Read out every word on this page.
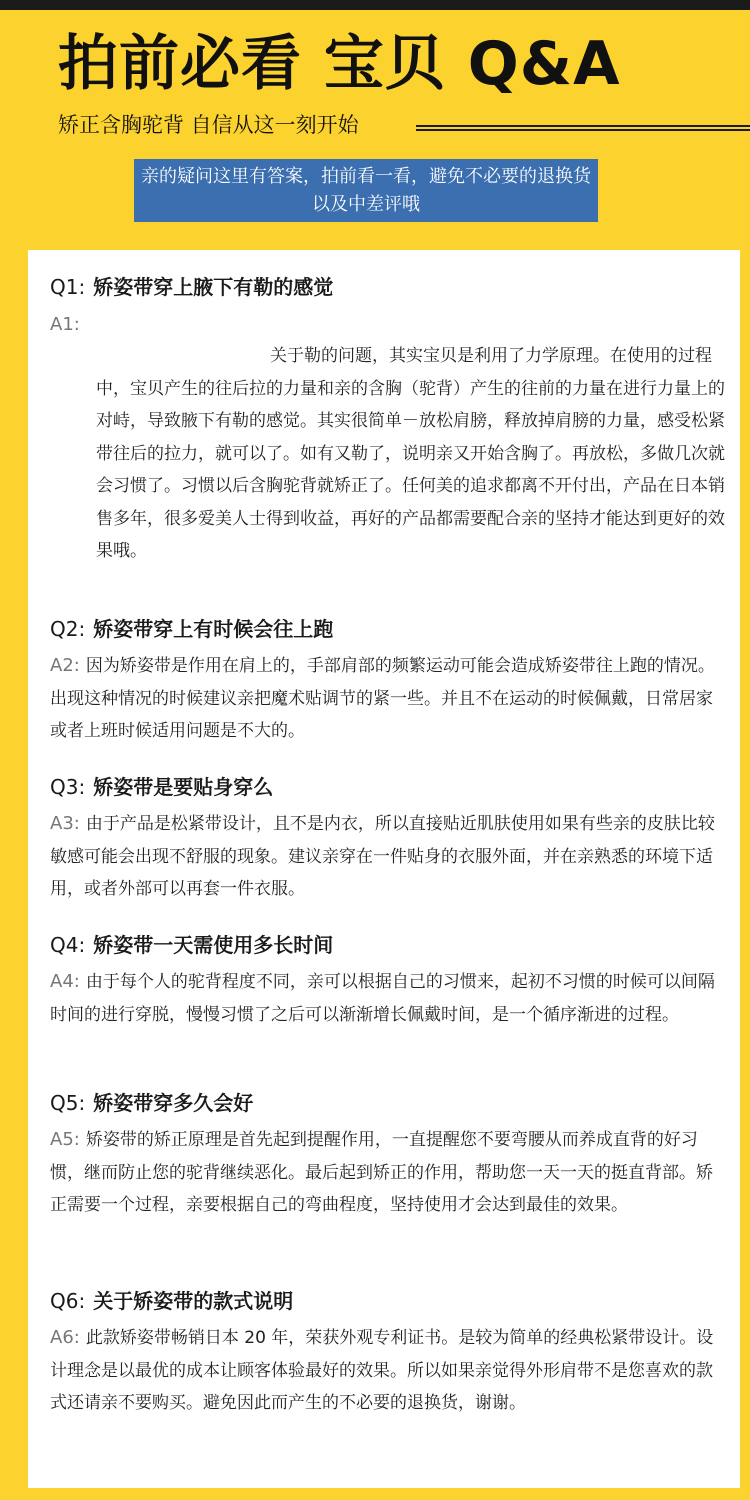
拍前必看 宝贝 Q&A
矫正含胸驼背 自信从这一刻开始
亲的疑问这里有答案，拍前看一看，避免不必要的退换货以及中差评哦
Q1: 矫姿带穿上腋下有勒的感觉
A1:
关于勒的问题，其实宝贝是利用了力学原理。在使用的过程中，宝贝产生的往后拉的力量和亲的含胸（驼背）产生的往前的力量在进行力量上的对峙，导致腋下有勒的感觉。其实很简单－放松肩膀，释放掉肩膀的力量，感受松紧带往后的拉力，就可以了。如有又勒了，说明亲又开始含胸了。再放松，多做几次就会习惯了。习惯以后含胸驼背就矫正了。任何美的追求都离不开付出，产品在日本销售多年，很多爱美人士得到收益，再好的产品都需要配合亲的坚持才能达到更好的效果哦。
Q2: 矫姿带穿上有时候会往上跑
A2: 因为矫姿带是作用在肩上的，手部肩部的频繁运动可能会造成矫姿带往上跑的情况。出现这种情况的时候建议亲把魔术贴调节的紧一些。并且不在运动的时候佩戴，日常居家或者上班时候适用问题是不大的。
Q3: 矫姿带是要贴身穿么
A3: 由于产品是松紧带设计，且不是内衣，所以直接贴近肌肤使用如果有些亲的皮肤比较敏感可能会出现不舒服的现象。建议亲穿在一件贴身的衣服外面，并在亲熟悉的环境下适用，或者外部可以再套一件衣服。
Q4: 矫姿带一天需使用多长时间
A4: 由于每个人的驼背程度不同，亲可以根据自己的习惯来，起初不习惯的时候可以间隔时间的进行穿脱，慢慢习惯了之后可以渐渐增长佩戴时间，是一个循序渐进的过程。
Q5: 矫姿带穿多久会好
A5: 矫姿带的矫正原理是首先起到提醒作用，一直提醒您不要弯腰从而养成直背的好习惯，继而防止您的驼背继续恶化。最后起到矫正的作用，帮助您一天一天的挺直背部。矫正需要一个过程，亲要根据自己的弯曲程度，坚持使用才会达到最佳的效果。
Q6: 关于矫姿带的款式说明
A6: 此款矫姿带畅销日本 20 年，荣获外观专利证书。是较为简单的经典松紧带设计。设计理念是以最优的成本让顾客体验最好的效果。所以如果亲觉得外形肩带不是您喜欢的款式还请亲不要购买。避免因此而产生的不必要的退换货，谢谢。
